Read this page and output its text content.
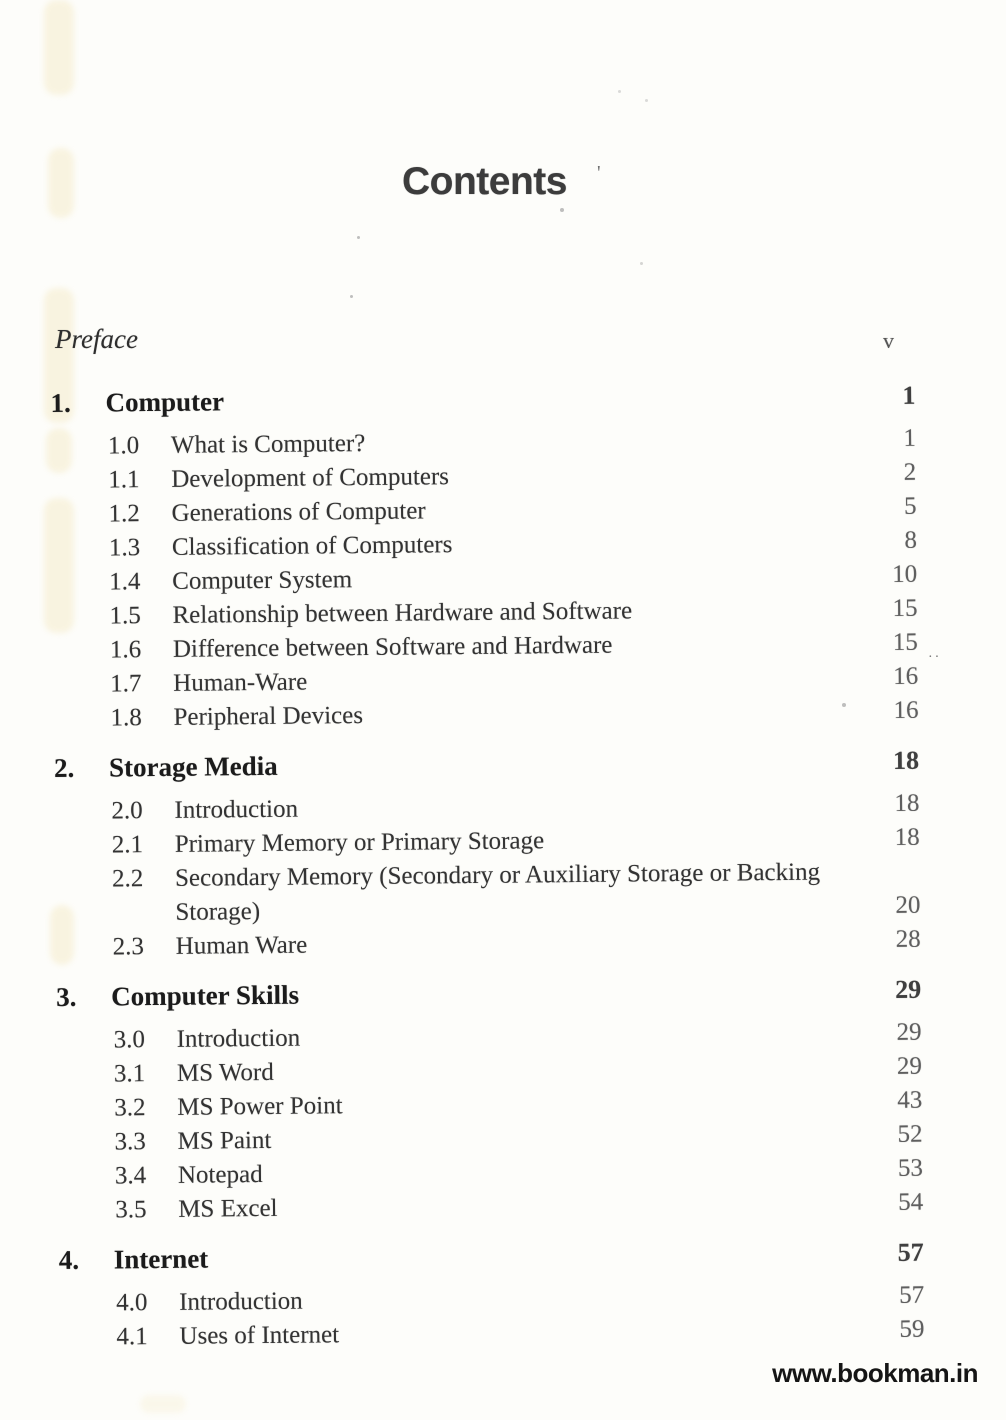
'
··
Contents
Preface	v
1.	Computer	1
1.0	What is Computer?	1
1.1	Development of Computers	2
1.2	Generations of Computer	5
1.3	Classification of Computers	8
1.4	Computer System	10
1.5	Relationship between Hardware and Software	15
1.6	Difference between Software and Hardware	15
1.7	Human-Ware	16
1.8	Peripheral Devices	16
2.	Storage Media	18
2.0	Introduction	18
2.1	Primary Memory or Primary Storage	18
2.2	Secondary Memory (Secondary or Auxiliary Storage or Backing
Storage)	20
2.3	Human Ware	28
3.	Computer Skills	29
3.0	Introduction	29
3.1	MS Word	29
3.2	MS Power Point	43
3.3	MS Paint	52
3.4	Notepad	53
3.5	MS Excel	54
4.	Internet	57
4.0	Introduction	57
4.1	Uses of Internet	59
www.bookman.in
